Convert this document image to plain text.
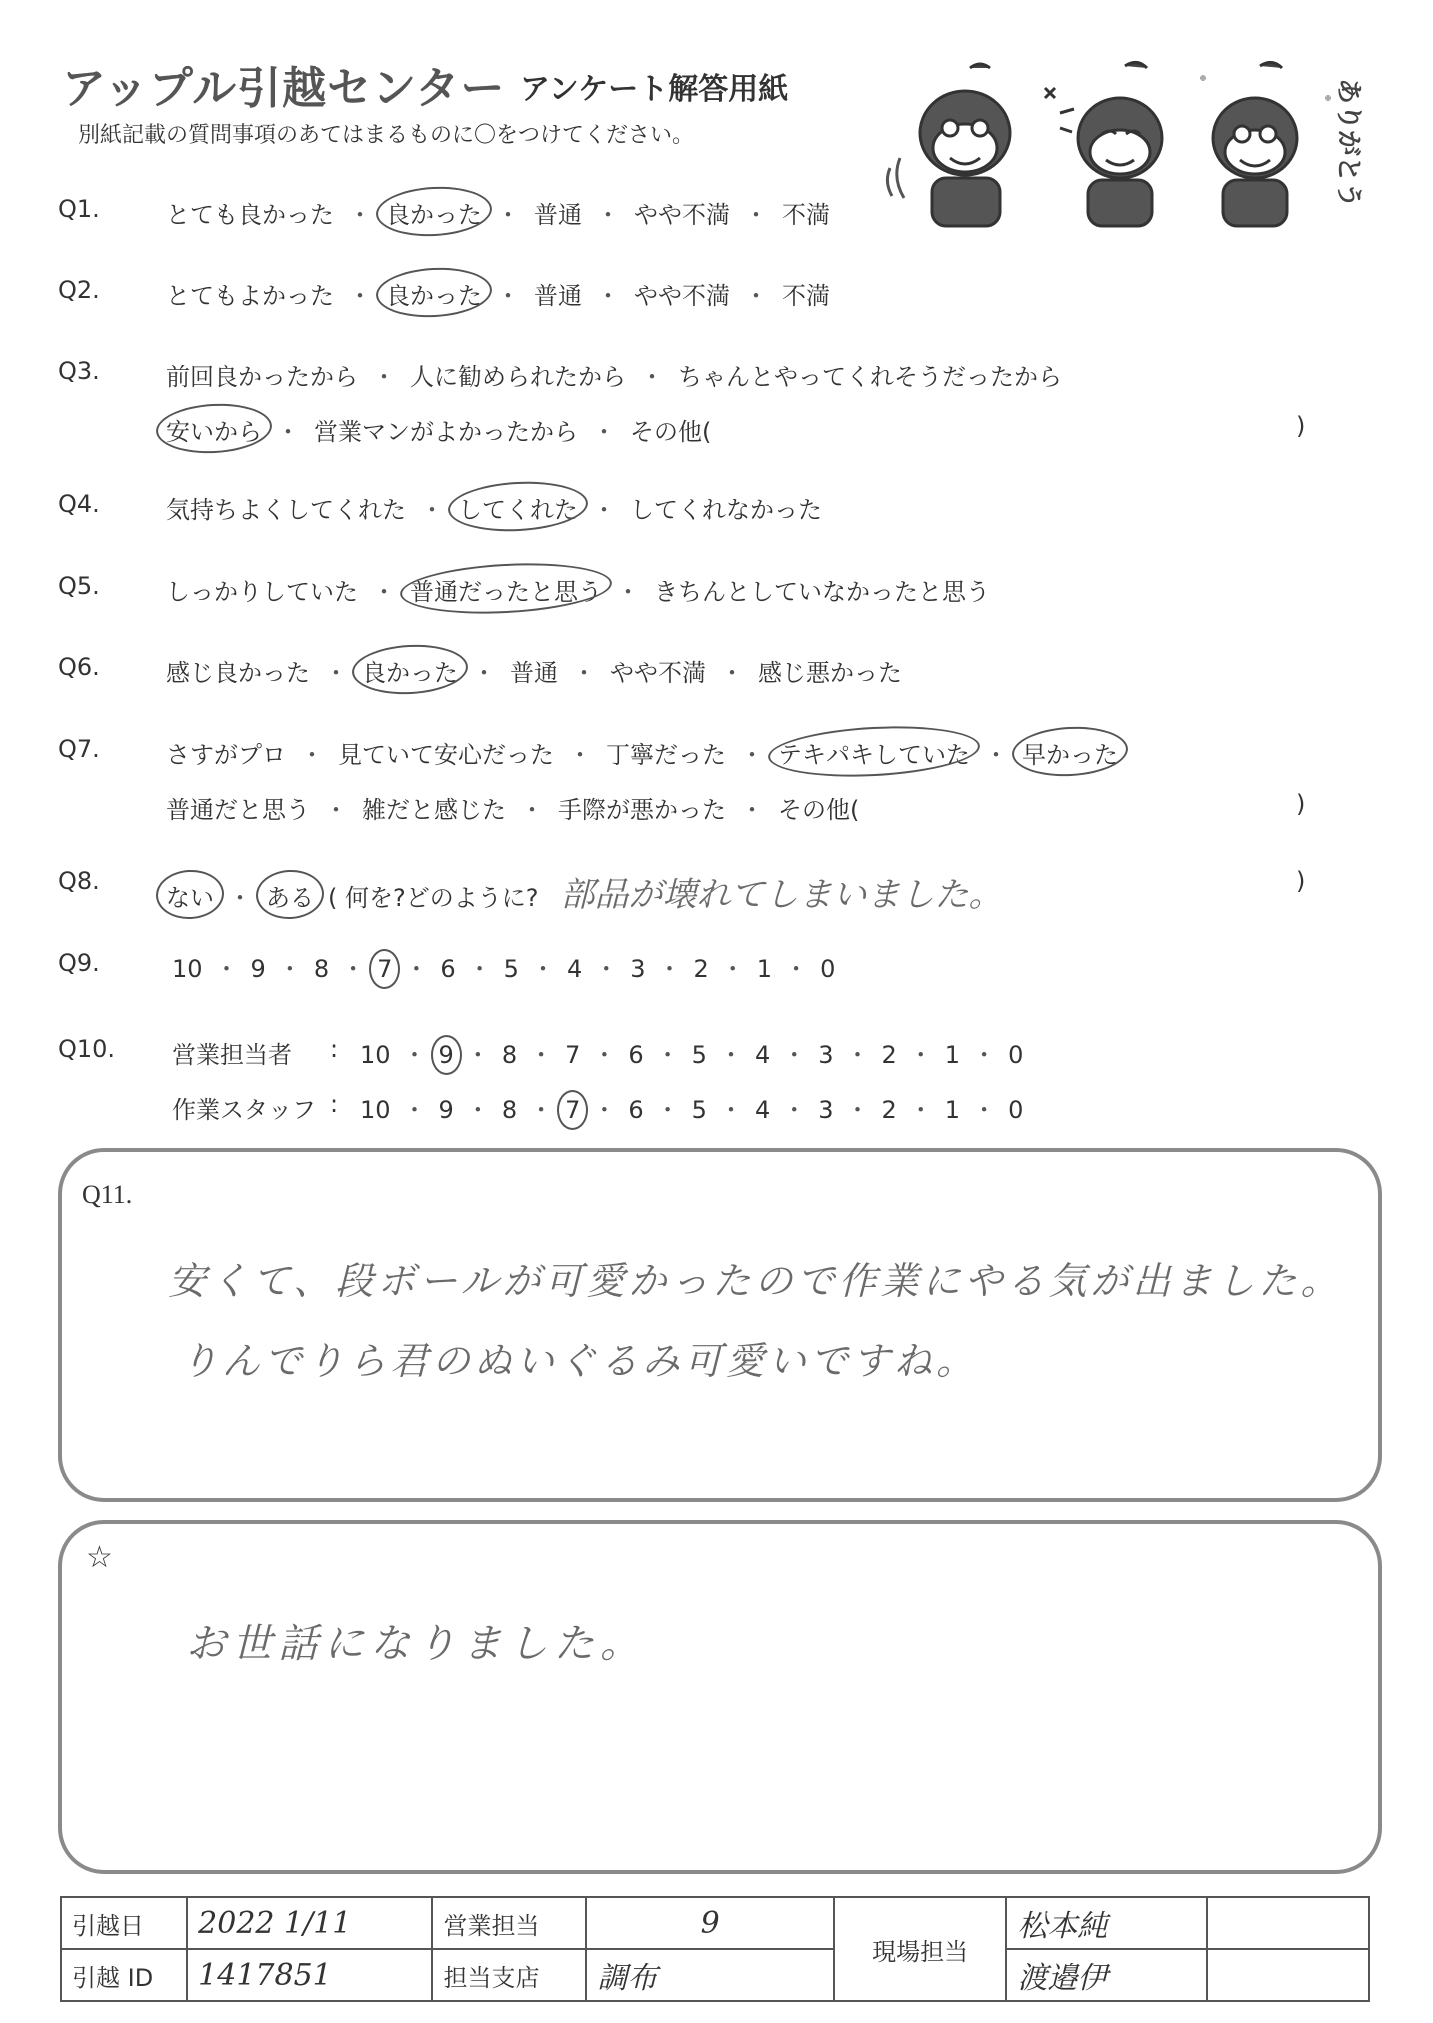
アップル引越センター アンケート解答用紙
別紙記載の質問事項のあてはまるものに〇をつけてください。	ありがとう
Q10.
Q11.
安くて、段ボールが可愛かったので作業にやる気が出ました。
りんでりら君のぬいぐるみ可愛いですね。
☆
お世話になりました。
引越日	2022 1/11	営業担当	9	現場担当	松本純	
引越 ID	1417851	担当支店	調布		渡邉伊	
Q1.	とても良かった ・ 良かった ・ 普通 ・ やや不満 ・ 不満
Q2.	とてもよかった ・ 良かった ・ 普通 ・ やや不満 ・ 不満
Q3.	前回良かったから ・ 人に勧められたから ・ ちゃんとやってくれそうだったから
安いから ・ 営業マンがよかったから ・ その他(	)
Q4.	気持ちよくしてくれた ・ してくれた ・ してくれなかった
Q5.	しっかりしていた ・ 普通だったと思う ・ きちんとしていなかったと思う
Q6.	感じ良かった ・ 良かった ・ 普通 ・ やや不満 ・ 感じ悪かった
Q7.	さすがプロ ・ 見ていて安心だった ・ 丁寧だった ・ テキパキしていた ・ 早かった
普通だと思う ・ 雑だと感じた ・ 手際が悪かった ・ その他(	)
Q8.
ない ・ ある ( 何を?どのように? 部品が壊れてしまいました。	)
Q9.	10 ・ 9 ・ 8 ・ 7 ・ 6 ・ 5 ・ 4 ・ 3 ・ 2 ・ 1 ・ 0
営業担当者 : 10 ・ 9 ・ 8 ・ 7 ・ 6 ・ 5 ・ 4 ・ 3 ・ 2 ・ 1 ・ 0
作業スタッフ : 10 ・ 9 ・ 8 ・ 7 ・ 6 ・ 5 ・ 4 ・ 3 ・ 2 ・ 1 ・ 0
